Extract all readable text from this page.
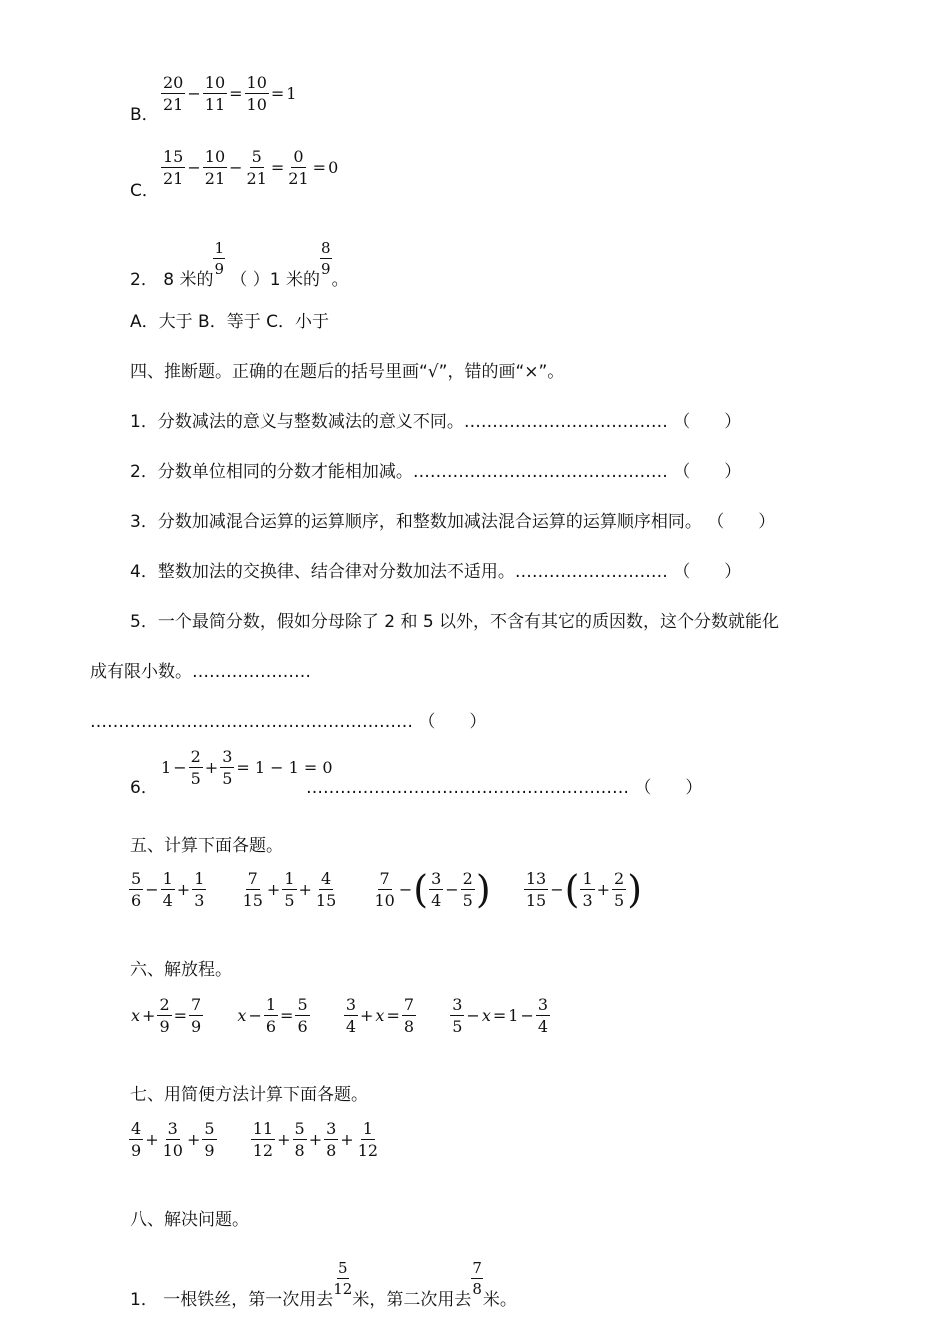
B．
$\frac{20}{21} - \frac{10}{11} = \frac{10}{10} = 1$
C．
$\frac{15}{21} - \frac{10}{21} - \frac{5}{21} = \frac{0}{21} = 0$
2． 8 米的
$\frac{1}{9}$
（ ）1 米的
$\frac{8}{9}$
。
A．大于 B．等于 C．小于
四、推断题。正确的在题后的括号里画“√”，错的画“×”。
1．分数减法的意义与整数减法的意义不同。……………………………… （　　）
2．分数单位相同的分数才能相加减。……………………………………… （　　）
3．分数加减混合运算的运算顺序，和整数加减法混合运算的运算顺序相同。 （　　）
4．整数加法的交换律、结合律对分数加法不适用。……………………… （　　）
5．一个最简分数，假如分母除了 2 和 5 以外，不含有其它的质因数，这个分数就能化
成有限小数。…………………
………………………………………………… （　　）
6．
$1 - \frac{2}{5} + \frac{3}{5} = 1 - 1 = 0$
………………………………………………… （　　）
五、计算下面各题。
$\frac{5}{6} - \frac{1}{4} + \frac{1}{3}$
$\frac{7}{15} + \frac{1}{5} + \frac{4}{15}$
$\frac{7}{10}$ −( $\frac{3}{4} - \frac{2}{5}$ ) $\frac{13}{15}$ −( $\frac{1}{3} + \frac{2}{5}$ )
六、解放程。
$x + \frac{2}{9} = \frac{7}{9}$ $x - \frac{1}{6} = \frac{5}{6}$
$\frac{3}{4} + x = \frac{7}{8}$
$\frac{3}{5} - x = 1 - \frac{3}{4}$
七、用简便方法计算下面各题。
$\frac{4}{9} + \frac{3}{10} + \frac{5}{9}$
$\frac{11}{12} + \frac{5}{8} + \frac{3}{8} + \frac{1}{12}$
八、解决问题。
1． 一根铁丝，第一次用去
$\frac{5}{12}$
米，第二次用去
$\frac{7}{8}$
米。
